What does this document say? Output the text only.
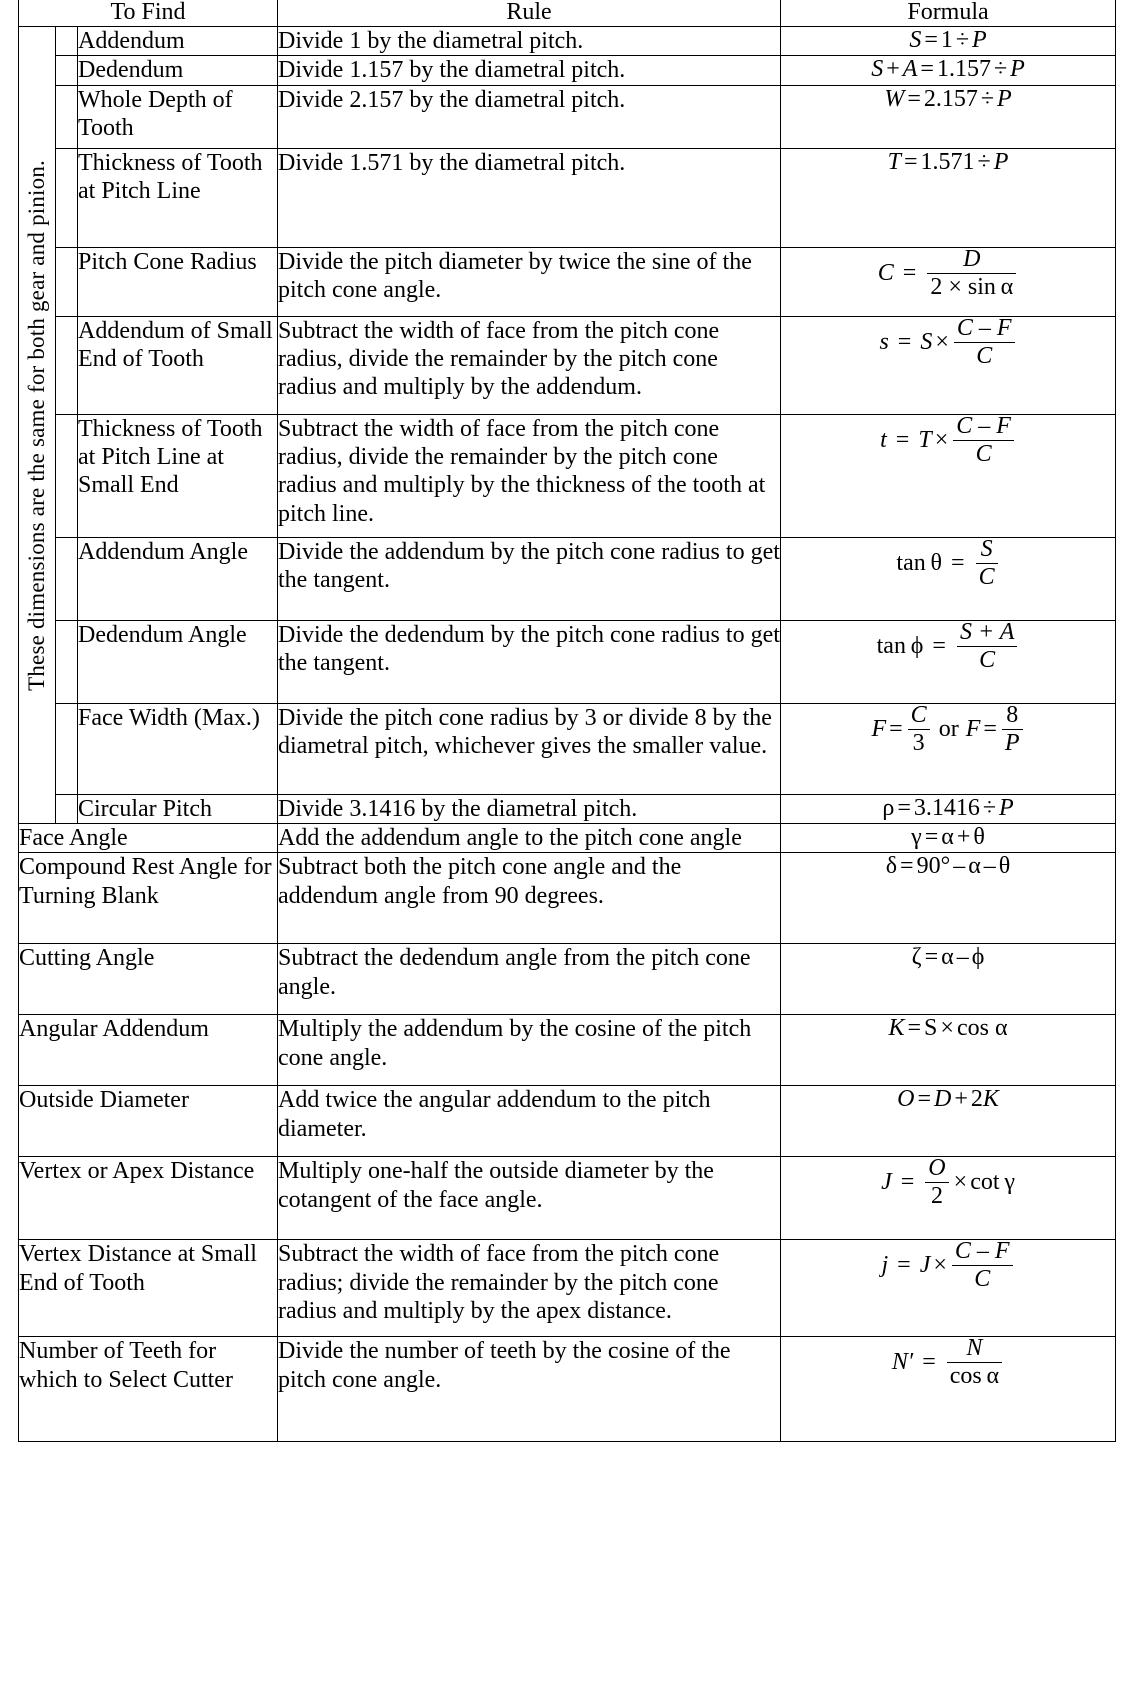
To Find			Rule	Formula

These dimensions are the same for both gear and pinion.		Addendum	Divide 1 by the diametral pitch.	S = 1 ÷ P
		Dedendum	Divide 1.157 by the diametral pitch.	S + A = 1.157 ÷ P
		Whole Depth of Tooth	Divide 2.157 by the diametral pitch.	W = 2.157 ÷ P
		Thickness of Tooth at Pitch Line	Divide 1.571 by the diametral pitch.	T = 1.571 ÷ P
		Pitch Cone Radius	Divide the pitch diameter by twice the sine of the pitch cone angle.	$C = \frac{D}{\text{2 × sin α}}$

		Addendum of Small End of Tooth	Subtract the width of face from the pitch cone radius, divide the remainder by the pitch cone radius and multiply by the addendum.	$s = S \times \frac{C - F}{C}$

		Thickness of Tooth at Pitch Line at Small End	Subtract the width of face from the pitch cone radius, divide the remainder by the pitch cone radius and multiply by the thickness of the tooth at pitch line.	$t = T \times \frac{C - F}{C}$

		Addendum Angle	Divide the addendum by the pitch cone radius to get the tangent.	$\tan \theta = \frac{S}{C}$

		Dedendum Angle	Divide the dedendum by the pitch cone radius to get the tangent.	$\tan \phi = \frac{S + A}{C}$

	Face Width (Max.)	Divide the pitch cone radius by 3 or divide 8 by the diametral pitch, whichever gives the smaller value.	$F = \frac{C}{3}$ or $F = \frac{8}{P}$

		Circular Pitch	Divide 3.1416 by the diametral pitch.	ρ = 3.1416 ÷ P
Face Angle			Add the addendum angle to the pitch cone angle	γ = α + θ
Compound Rest Angle for Turning Blank			Subtract both the pitch cone angle and the addendum angle from 90 degrees.	δ = 90° – α – θ
Cutting Angle			Subtract the dedendum angle from the pitch cone angle.	ζ = α – ϕ
Angular Addendum			Multiply the addendum by the cosine of the pitch cone angle.	K = S × cos α
Outside Diameter			Add twice the angular addendum to the pitch diameter.	O = D + 2K
Vertex or Apex Distance			Multiply one-half the outside diameter by the cotangent of the face angle.	$J = \frac{O}{2} \times \cot \gamma$
Vertex Distance at Small End of Tooth			Subtract the width of face from the pitch cone radius; divide the remainder by the pitch cone radius and multiply by the apex distance.	$j = J \times \frac{C - F}{C}$

Number of Teeth for which to Select Cutter			Divide the number of teeth by the cosine of the pitch cone angle.	$N' = \frac{N}{\text{cos α}}$
